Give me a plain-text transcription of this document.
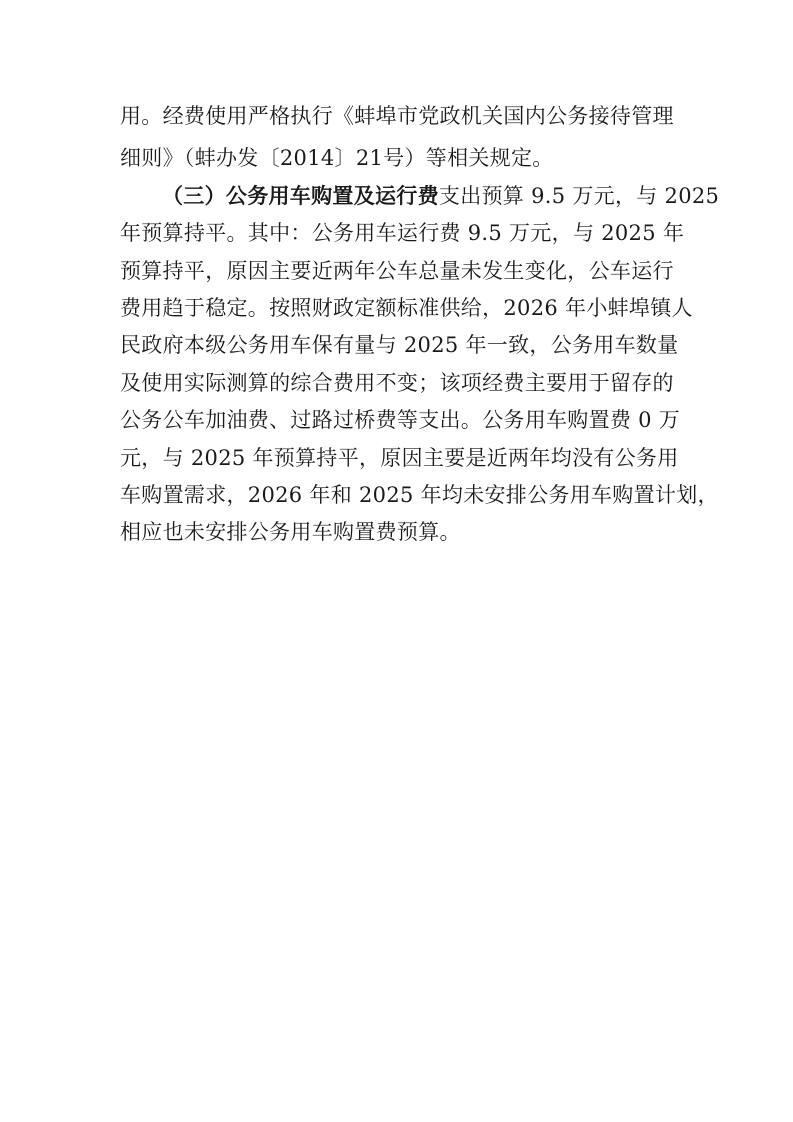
用。经费使用严格执行《蚌埠市党政机关国内公务接待管理
细则》（蚌办发〔2014〕21号）等相关规定。
（三）公务用车购置及运行费支出预算 9.5 万元，与 2025
年预算持平。其中：公务用车运行费 9.5 万元，与 2025 年
预算持平，原因主要近两年公车总量未发生变化，公车运行
费用趋于稳定。按照财政定额标准供给，2026 年小蚌埠镇人
民政府本级公务用车保有量与 2025 年一致，公务用车数量
及使用实际测算的综合费用不变；该项经费主要用于留存的
公务公车加油费、过路过桥费等支出。公务用车购置费 0 万
元，与 2025 年预算持平，原因主要是近两年均没有公务用
车购置需求，2026 年和 2025 年均未安排公务用车购置计划，
相应也未安排公务用车购置费预算。
